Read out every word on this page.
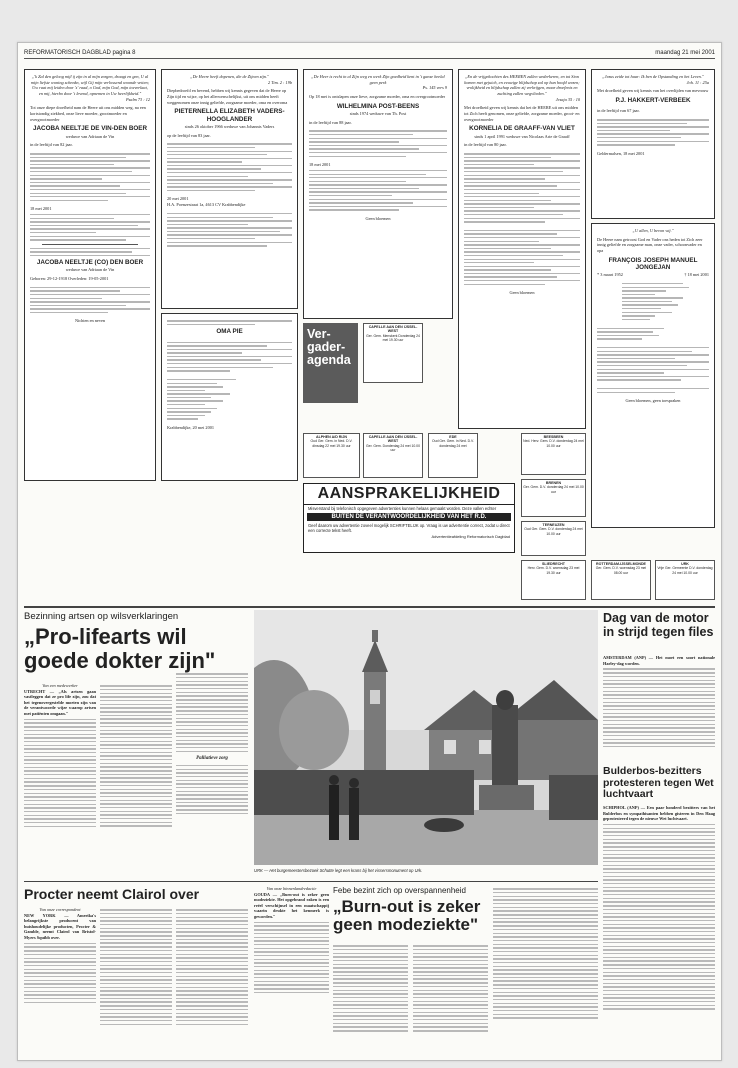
REFORMATORISCH DAGBLAD pagina 8	maandag 21 mei 2001
„'k Zal den geloog mijl ij zijn in al mijn zorgen, draagt en gen, U al mijn liefste woning schenkn, wijl Gij mijn verlossend woonde vetten; Uw raat mij leiden door 's' raad, o God, mijn God, mijn toeverlaat, en mij, hierbo door 't levend, opnemen in Uw heerlijkheid."
Psalm 73 : 12
Tot onze diepe droefheid nam de Heere uit ons midden weg, na een kortstondig ziekbed, onze lieve moeder, grootmoeder en overgrootmoeder
JACOBA NEELTJE DE VIN-DEN BOER
weduwe van Adriaan de Vin
in de leeftijd van 82 jaar.
18 mei 2001
JACOBA NEELTJE (CO) DEN BOER
weduwe van Adriaan de Vin
Geboren: 29-12-1918 Overleden: 19-05-2001
Nichten en neven
„De Heere heeft dopenen, die de Zijnen zijn."
2 Tim. 2 : 19b
Diepbedroefd en bevend, hebben wij kennis gegeven dat de Heere op Zijn tijd en wijze, op het allerwenschelijkst, uit ons midden heeft weggenomen onze innig geliefde, zorgzame moeder, oma en overoma
PIETERNELLA ELIZABETH VADERS-HOOGLANDER
sinds 26 oktober 1966 weduwe van Johannis Vaders
op de leeftijd van 83 jaar.
20 mei 2001
H.A. Poenzestraat 1a, 4613 CV Krabbendijke
OMA PIE
Krabbendijke, 20 mei 2001
„De Heer is recht in al Zijn weg en werk Zijn goedheid kent in 't ganse heelal geen perk
Ps. 145 vers 9
Op 18 mei is ontslapen onze lieve, zorgzame moeder, oma en overgrootmoeder
WILHELMINA POST-BEENS
sinds 1974 weduwe van Th. Post
in de leeftijd van 88 jaar.
18 mei 2001
Geen bloemen
„En de vrijgekochten des HEEREN zullen wederkeren, en tot Sion komen met gejuich, en eeuwige blijdschap zal op hun hoofd wezen; vrolijkheid en blijdschap zullen zij verkrijgen, maar droefenis en zuchting zullen wegvlieden."
Jesaja 35 : 10
Met droefheid geven wij kennis dat het de HEERE uit ons midden tot Zich heeft genomen, onze geliefde, zorgzame moeder, groot- en overgrootmoeder
KORNELIA DE GRAAFF-VAN VLIET
sinds 1 april 1991 weduwe van Nicolaas Arie de Graaff
in de leeftijd van 80 jaar.
Geen bloemen
„Jezus zeide tot haar: Ik ben de Opstanding en het Leven."
Joh. 11 : 25a
Met droefheid geven wij kennis van het overlijden van mevrouw
P.J. HAKKERT-VERBEEK
in de leeftijd van 67 jaar.
Geldermalsen, 18 mei 2001
„U allen, U bevon wij."
De Heere nam getroost God en Vader ons heden tot Zich zeer innig geliefde en zorgzame man, onze vader, schoonvader en opa
FRANÇOIS JOSEPH MANUEL JONGEJAN
* 3 maart 1952	† 18 mei 2001
Geen bloemen, geen toespraken
Ver-
gader-
agenda
CAPELLE AAN DEN IJSSEL-WEST
Ger. Gem. Menskerk Donderdag 24 mei 19.30 uur
CAPELLE AAN DEN IJSSEL-WEST
Ger. Gem. Donderdag 24 mei 10.00 uur
ALPHEN A/D RIJN
Oud Ger. Gem. in Ned. D.V. dinsdag 22 mei 19.30 uur
EDE
Oud Ger. Gem. in Ned. D.V. donderdag 24 mei
BEESBEEN
Ned. Herv. Gem. D.V. donderdag 24 mei 10.00 uur
BRENEN
Ger. Gem. D.V. donderdag 24 mei 10.00 uur
TERNEUZEN
Oud Ger. Gem. D.V. donderdag 24 mei 10.00 uur
SLIEDRECHT
Herv. Gem. D.V. woensdag 23 mei 19.30 uur
ROTTERDAM-IJSSELMONDE
Ger. Gem. D.V. woensdag 23 mei 08.00 uur
URK
Vrije Ger. Gemeente D.V. donderdag 24 mei 10.00 uur
AANSPRAKELIJKHEID
Misverstand bij telefonisch opgegeven advertenties kunnen helaas gemaakt worden. Deze vallen echter
BUITEN DE VERANTWOORDELIJKHEID VAN HET R.D.
Geef daarom uw advertentie zoveel mogelijk SCHRIFTELIJK op. Vraag is uw advertentie correct, zodat u direct een correcte tekst heeft.
Advertentieafdeling Reformatorisch Dagblad
Bezinning artsen op wilsverklaringen
„Pro-lifearts wil goede dokter zijn"
Van een medewerker
UTRECHT — „Als artsen gaan vastleggen dat ze pro life zijn, zou dat het tegenovergestelde moeten zijn van de verantwoorde wijze waarop artsen met patiënten omgaan."
Palliatieve zorg
URK — Het burgemeestersbezoek Schutte legt een krans bij het vissersmonument op Urk.
Dag van de motor in strijd tegen files
AMSTERDAM (ANP) — Het moet een soort nationale Harley-dag worden.
Bulderbos-bezitters protesteren tegen Wet luchtvaart
SCHIPHOL (ANP) — Een paar honderd bezitters van het Bulderbos en sympathisanten hebben gisteren in Den Haag geprotesteerd tegen de nieuwe Wet luchtvaart.
Procter neemt Clairol over
Van onze correspondent
NEW YORK — Amerika's belangrijkste producent van huishoudelijke producten, Procter & Gamble, neemt Clairol van Bristol-Myers Squibb over.
Febe bezint zich op overspannenheid
„Burn-out is zeker geen modeziekte"
Van onze binnenlandredactie
GOUDA — „Burn-out is zeker geen modeziekte. Het opgebrand raken is een reëel verschijnsel in een maatschappij waarin drukte het kenmerk is geworden."
